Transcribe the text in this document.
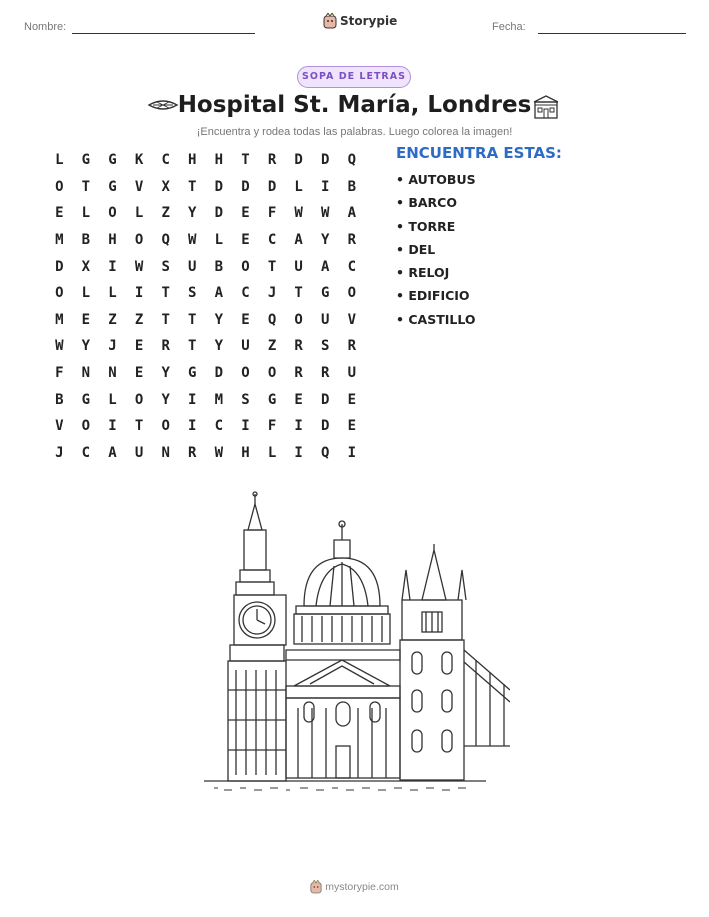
Nombre:	Storypie	Fecha:
SOPA DE LETRAS
Hospital St. María, Londres
¡Encuentra y rodea todas las palabras. Luego colorea la imagen!
L	G	G	K	C	H	H	T	R	D	D	Q
O	T	G	V	X	T	D	D	D	L	I	B
E	L	O	L	Z	Y	D	E	F	W	W	A
M	B	H	O	Q	W	L	E	C	A	Y	R
D	X	I	W	S	U	B	O	T	U	A	C
O	L	L	I	T	S	A	C	J	T	G	O
M	E	Z	Z	T	T	Y	E	Q	O	U	V
W	Y	J	E	R	T	Y	U	Z	R	S	R
F	N	N	E	Y	G	D	O	O	R	R	U
B	G	L	O	Y	I	M	S	G	E	D	E
V	O	I	T	O	I	C	I	F	I	D	E
J	C	A	U	N	R	W	H	L	I	Q	I
ENCUENTRA ESTAS:
• AUTOBUS
• BARCO
• TORRE
• DEL
• RELOJ
• EDIFICIO
• CASTILLO
mystorypie.com
